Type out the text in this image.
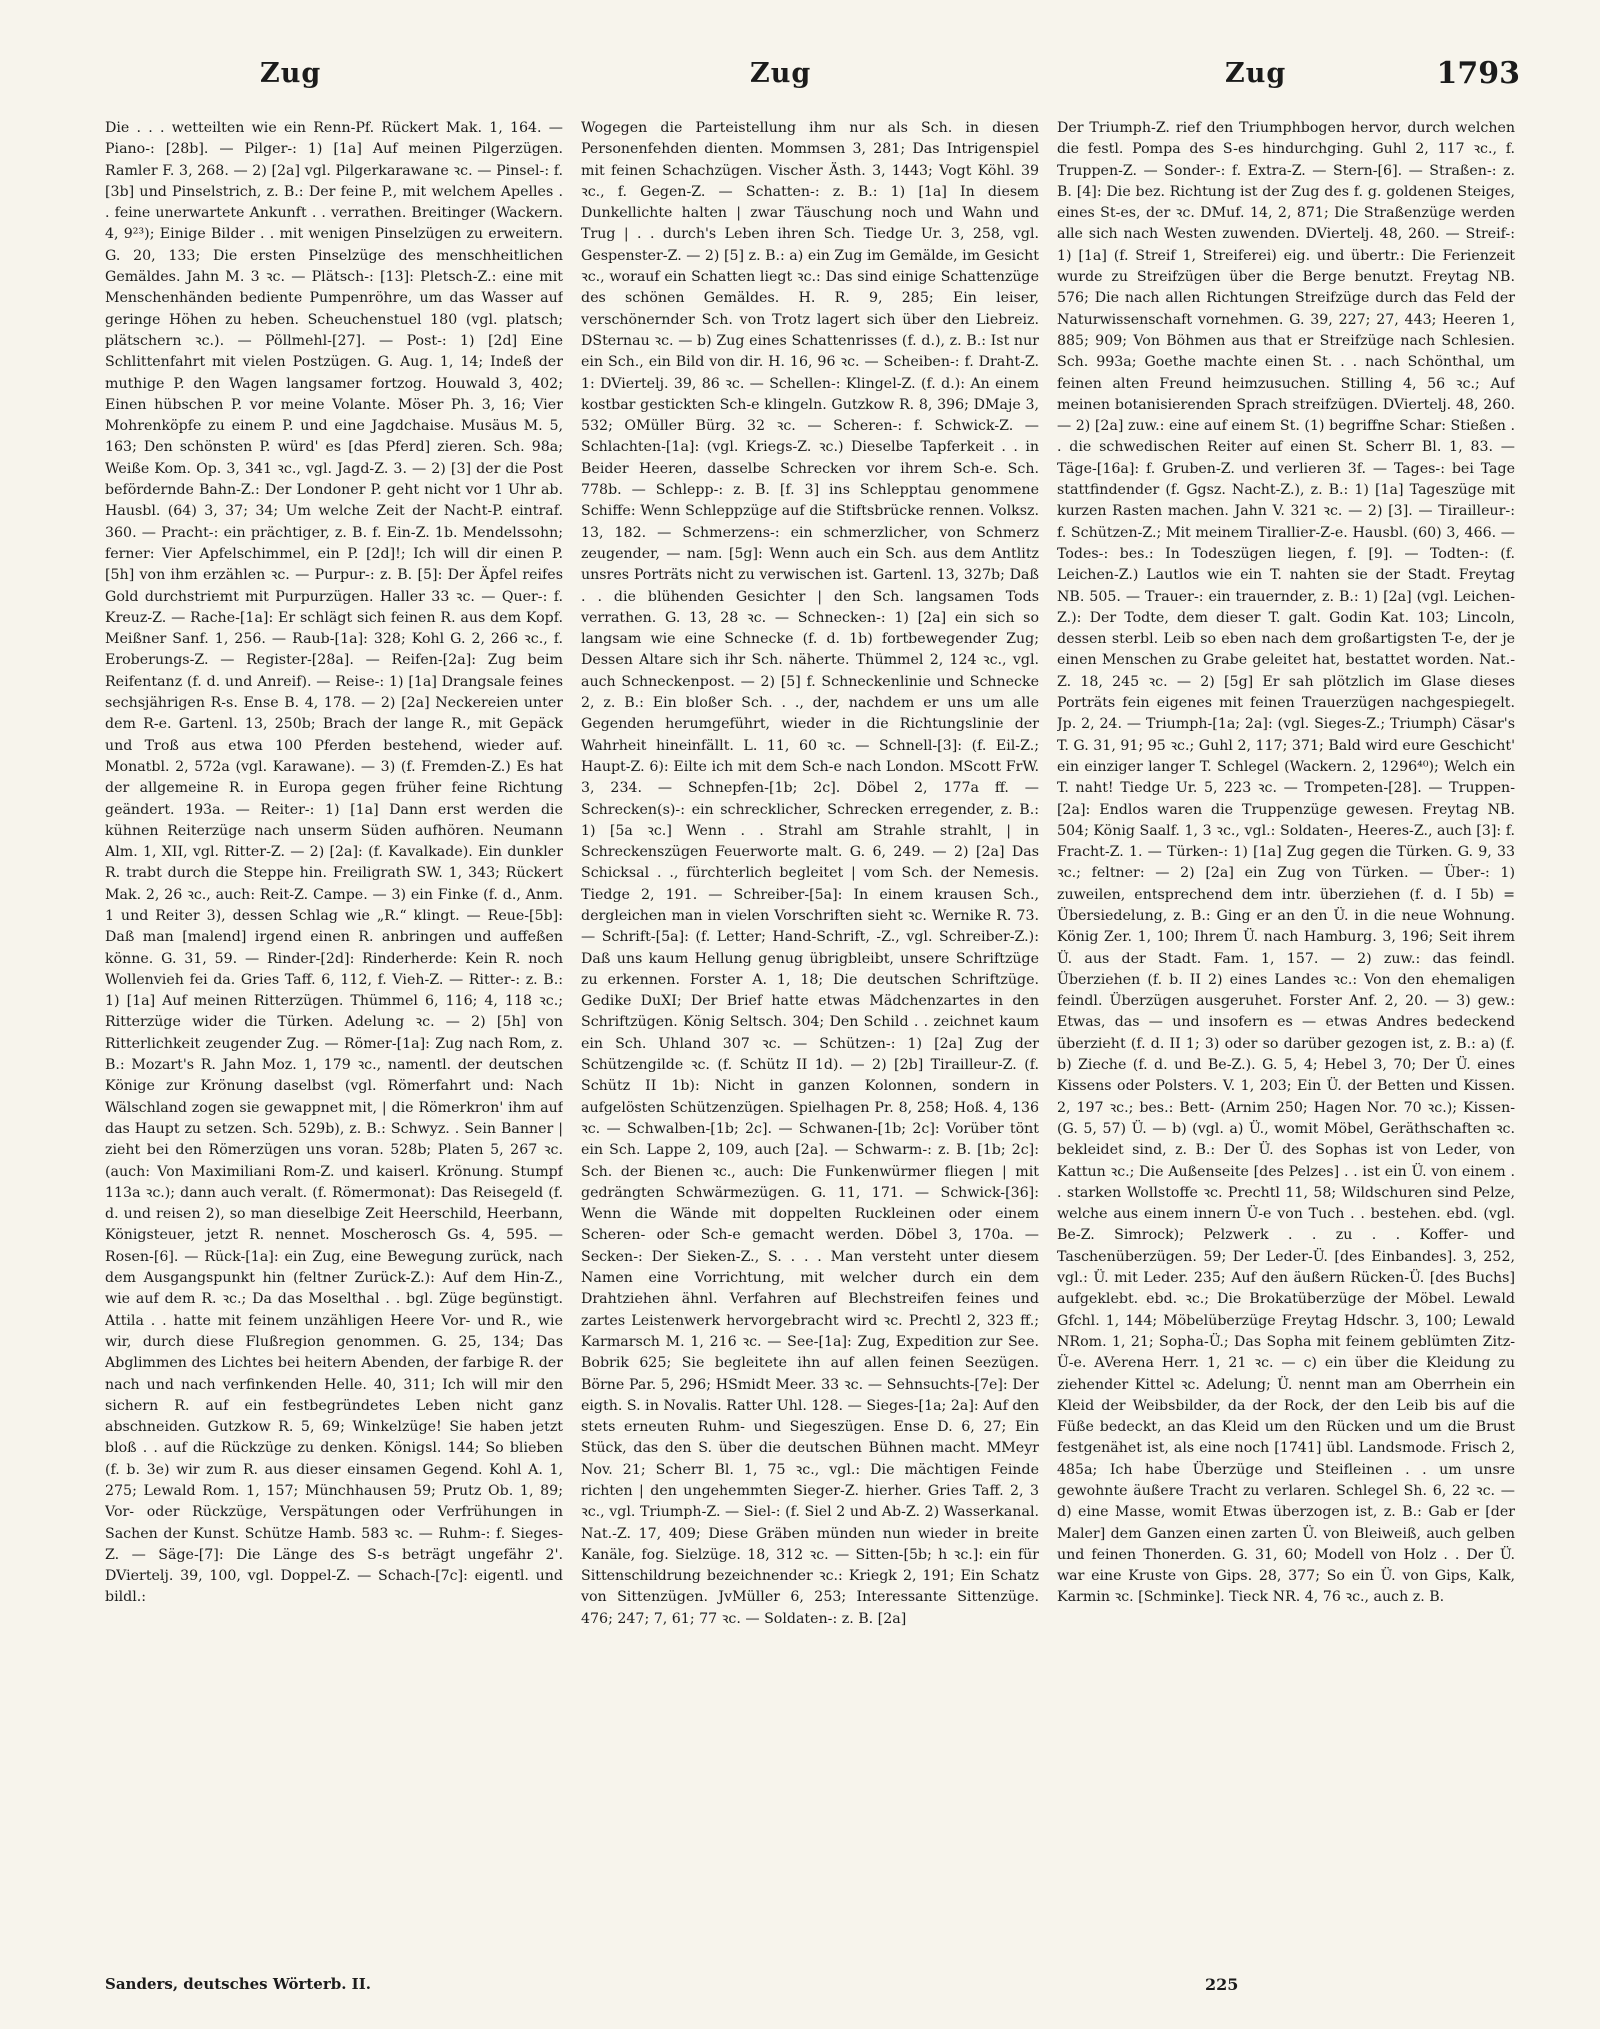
Zug	Zug	Zug	1793

Die . . . wetteilten wie ein Renn-Pf. Rückert Mak. 1, 164. — Piano-: [28b]. — Pilger-: 1) [1a] Auf meinen Pilgerzügen. Ramler F. 3, 268. — 2) [2a] vgl. Pilgerkarawane ꝛc. — Pinsel-: f. [3b] und Pinselstrich, z. B.: Der feine P., mit welchem Apelles . . feine unerwartete Ankunft . . verrathen. Breitinger (Wackern. 4, 9²³); Einige Bilder . . mit wenigen Pinselzügen zu erweitern. G. 20, 133; Die ersten Pinselzüge des menschheitlichen Gemäldes. Jahn M. 3 ꝛc. — Plätsch-: [13]: Pletsch-Z.: eine mit Menschenhänden bediente Pumpenröhre, um das Wasser auf geringe Höhen zu heben. Scheuchenstuel 180 (vgl. platsch; plätschern ꝛc.). — Pöllmehl-[27]. — Post-: 1) [2d] Eine Schlittenfahrt mit vielen Postzügen. G. Aug. 1, 14; Indeß der muthige P. den Wagen langsamer fortzog. Houwald 3, 402; Einen hübschen P. vor meine Volante. Möser Ph. 3, 16; Vier Mohrenköpfe zu einem P. und eine Jagdchaise. Musäus M. 5, 163; Den schönsten P. würd' es [das Pferd] zieren. Sch. 98a; Weiße Kom. Op. 3, 341 ꝛc., vgl. Jagd-Z. 3. — 2) [3] der die Post befördernde Bahn-Z.: Der Londoner P. geht nicht vor 1 Uhr ab. Hausbl. (64) 3, 37; 34; Um welche Zeit der Nacht-P. eintraf. 360. — Pracht-: ein prächtiger, z. B. f. Ein-Z. 1b. Mendelssohn; ferner: Vier Apfelschimmel, ein P. [2d]!; Ich will dir einen P. [5h] von ihm erzählen ꝛc. — Purpur-: z. B. [5]: Der Äpfel reifes Gold durchstriemt mit Purpurzügen. Haller 33 ꝛc. — Quer-: f. Kreuz-Z. — Rache-[1a]: Er schlägt sich feinen R. aus dem Kopf. Meißner Sanf. 1, 256. — Raub-[1a]: 328; Kohl G. 2, 266 ꝛc., f. Eroberungs-Z. — Register-[28a]. — Reifen-[2a]: Zug beim Reifentanz (f. d. und Anreif). — Reise-: 1) [1a] Drangsale feines sechsjährigen R-s. Ense B. 4, 178. — 2) [2a] Neckereien unter dem R-e. Gartenl. 13, 250b; Brach der lange R., mit Gepäck und Troß aus etwa 100 Pferden bestehend, wieder auf. Monatbl. 2, 572a (vgl. Karawane). — 3) (f. Fremden-Z.) Es hat der allgemeine R. in Europa gegen früher feine Richtung geändert. 193a. — Reiter-: 1) [1a] Dann erst werden die kühnen Reiterzüge nach unserm Süden aufhören. Neumann Alm. 1, XII, vgl. Ritter-Z. — 2) [2a]: (f. Kavalkade). Ein dunkler R. trabt durch die Steppe hin. Freiligrath SW. 1, 343; Rückert Mak. 2, 26 ꝛc., auch: Reit-Z. Campe. — 3) ein Finke (f. d., Anm. 1 und Reiter 3), dessen Schlag wie „R.“ klingt. — Reue-[5b]: Daß man [malend] irgend einen R. anbringen und auffeßen könne. G. 31, 59. — Rinder-[2d]: Rinderherde: Kein R. noch Wollenvieh fei da. Gries Taff. 6, 112, f. Vieh-Z. — Ritter-: z. B.: 1) [1a] Auf meinen Ritterzügen. Thümmel 6, 116; 4, 118 ꝛc.; Ritterzüge wider die Türken. Adelung ꝛc. — 2) [5h] von Ritterlichkeit zeugender Zug. — Römer-[1a]: Zug nach Rom, z. B.: Mozart's R. Jahn Moz. 1, 179 ꝛc., namentl. der deutschen Könige zur Krönung daselbst (vgl. Römerfahrt und: Nach Wälschland zogen sie gewappnet mit, | die Römerkron' ihm auf das Haupt zu setzen. Sch. 529b), z. B.: Schwyz. . Sein Banner | zieht bei den Römerzügen uns voran. 528b; Platen 5, 267 ꝛc. (auch: Von Maximiliani Rom-Z. und kaiserl. Krönung. Stumpf 113a ꝛc.); dann auch veralt. (f. Römermonat): Das Reisegeld (f. d. und reisen 2), so man dieselbige Zeit Heerschild, Heerbann, Königsteuer, jetzt R. nennet. Moscherosch Gs. 4, 595. — Rosen-[6]. — Rück-[1a]: ein Zug, eine Bewegung zurück, nach dem Ausgangspunkt hin (feltner Zurück-Z.): Auf dem Hin-Z., wie auf dem R. ꝛc.; Da das Moselthal . . bgl. Züge begünstigt. Attila . . hatte mit feinem unzähligen Heere Vor- und R., wie wir, durch diese Flußregion genommen. G. 25, 134; Das Abglimmen des Lichtes bei heitern Abenden, der farbige R. der nach und nach verfinkenden Helle. 40, 311; Ich will mir den sichern R. auf ein festbegründetes Leben nicht ganz abschneiden. Gutzkow R. 5, 69; Winkelzüge! Sie haben jetzt bloß . . auf die Rückzüge zu denken. Königsl. 144; So blieben (f. b. 3e) wir zum R. aus dieser einsamen Gegend. Kohl A. 1, 275; Lewald Rom. 1, 157; Münchhausen 59; Prutz Ob. 1, 89; Vor- oder Rückzüge, Verspätungen oder Verfrühungen in Sachen der Kunst. Schütze Hamb. 583 ꝛc. — Ruhm-: f. Sieges-Z. — Säge-[7]: Die Länge des S-s beträgt ungefähr 2'. DViertelj. 39, 100, vgl. Doppel-Z. — Schach-[7c]: eigentl. und bildl.:

Wogegen die Parteistellung ihm nur als Sch. in diesen Personenfehden dienten. Mommsen 3, 281; Das Intrigenspiel mit feinen Schachzügen. Vischer Ästh. 3, 1443; Vogt Köhl. 39 ꝛc., f. Gegen-Z. — Schatten-: z. B.: 1) [1a] In diesem Dunkellichte halten | zwar Täuschung noch und Wahn und Trug | . . durch's Leben ihren Sch. Tiedge Ur. 3, 258, vgl. Gespenster-Z. — 2) [5] z. B.: a) ein Zug im Gemälde, im Gesicht ꝛc., worauf ein Schatten liegt ꝛc.: Das sind einige Schattenzüge des schönen Gemäldes. H. R. 9, 285; Ein leiser, verschönernder Sch. von Trotz lagert sich über den Liebreiz. DSternau ꝛc. — b) Zug eines Schattenrisses (f. d.), z. B.: Ist nur ein Sch., ein Bild von dir. H. 16, 96 ꝛc. — Scheiben-: f. Draht-Z. 1: DViertelj. 39, 86 ꝛc. — Schellen-: Klingel-Z. (f. d.): An einem kostbar gestickten Sch-e klingeln. Gutzkow R. 8, 396; DMaje 3, 532; OMüller Bürg. 32 ꝛc. — Scheren-: f. Schwick-Z. — Schlachten-[1a]: (vgl. Kriegs-Z. ꝛc.) Dieselbe Tapferkeit . . in Beider Heeren, dasselbe Schrecken vor ihrem Sch-e. Sch. 778b. — Schlepp-: z. B. [f. 3] ins Schlepptau genommene Schiffe: Wenn Schleppzüge auf die Stiftsbrücke rennen. Volksz. 13, 182. — Schmerzens-: ein schmerzlicher, von Schmerz zeugender, — nam. [5g]: Wenn auch ein Sch. aus dem Antlitz unsres Porträts nicht zu verwischen ist. Gartenl. 13, 327b; Daß . . die blühenden Gesichter | den Sch. langsamen Tods verrathen. G. 13, 28 ꝛc. — Schnecken-: 1) [2a] ein sich so langsam wie eine Schnecke (f. d. 1b) fortbewegender Zug; Dessen Altare sich ihr Sch. näherte. Thümmel 2, 124 ꝛc., vgl. auch Schneckenpost. — 2) [5] f. Schneckenlinie und Schnecke 2, z. B.: Ein bloßer Sch. . ., der, nachdem er uns um alle Gegenden herumgeführt, wieder in die Richtungslinie der Wahrheit hineinfällt. L. 11, 60 ꝛc. — Schnell-[3]: (f. Eil-Z.; Haupt-Z. 6): Eilte ich mit dem Sch-e nach London. MScott FrW. 3, 234. — Schnepfen-[1b; 2c]. Döbel 2, 177a ff. — Schrecken(s)-: ein schrecklicher, Schrecken erregender, z. B.: 1) [5a ꝛc.] Wenn . . Strahl am Strahle strahlt, | in Schreckenszügen Feuerworte malt. G. 6, 249. — 2) [2a] Das Schicksal . ., fürchterlich begleitet | vom Sch. der Nemesis. Tiedge 2, 191. — Schreiber-[5a]: In einem krausen Sch., dergleichen man in vielen Vorschriften sieht ꝛc. Wernike R. 73. — Schrift-[5a]: (f. Letter; Hand-Schrift, -Z., vgl. Schreiber-Z.): Daß uns kaum Hellung genug übrigbleibt, unsere Schriftzüge zu erkennen. Forster A. 1, 18; Die deutschen Schriftzüge. Gedike DuXI; Der Brief hatte etwas Mädchenzartes in den Schriftzügen. König Seltsch. 304; Den Schild . . zeichnet kaum ein Sch. Uhland 307 ꝛc. — Schützen-: 1) [2a] Zug der Schützengilde ꝛc. (f. Schütz II 1d). — 2) [2b] Tirailleur-Z. (f. Schütz II 1b): Nicht in ganzen Kolonnen, sondern in aufgelösten Schützenzügen. Spielhagen Pr. 8, 258; Hoß. 4, 136 ꝛc. — Schwalben-[1b; 2c]. — Schwanen-[1b; 2c]: Vorüber tönt ein Sch. Lappe 2, 109, auch [2a]. — Schwarm-: z. B. [1b; 2c]: Sch. der Bienen ꝛc., auch: Die Funkenwürmer fliegen | mit gedrängten Schwärmezügen. G. 11, 171. — Schwick-[36]: Wenn die Wände mit doppelten Ruckleinen oder einem Scheren- oder Sch-e gemacht werden. Döbel 3, 170a. — Secken-: Der Sieken-Z., S. . . . Man versteht unter diesem Namen eine Vorrichtung, mit welcher durch ein dem Drahtziehen ähnl. Verfahren auf Blechstreifen feines und zartes Leistenwerk hervorgebracht wird ꝛc. Prechtl 2, 323 ff.; Karmarsch M. 1, 216 ꝛc. — See-[1a]: Zug, Expedition zur See. Bobrik 625; Sie begleitete ihn auf allen feinen Seezügen. Börne Par. 5, 296; HSmidt Meer. 33 ꝛc. — Sehnsuchts-[7e]: Der eigth. S. in Novalis. Ratter Uhl. 128. — Sieges-[1a; 2a]: Auf den stets erneuten Ruhm- und Siegeszügen. Ense D. 6, 27; Ein Stück, das den S. über die deutschen Bühnen macht. MMeyr Nov. 21; Scherr Bl. 1, 75 ꝛc., vgl.: Die mächtigen Feinde richten | den ungehemmten Sieger-Z. hierher. Gries Taff. 2, 3 ꝛc., vgl. Triumph-Z. — Siel-: (f. Siel 2 und Ab-Z. 2) Wasserkanal. Nat.-Z. 17, 409; Diese Gräben münden nun wieder in breite Kanäle, fog. Sielzüge. 18, 312 ꝛc. — Sitten-[5b; h ꝛc.]: ein für Sittenschildrung bezeichnender ꝛc.: Kriegk 2, 191; Ein Schatz von Sittenzügen. JvMüller 6, 253; Interessante Sittenzüge. 476; 247; 7, 61; 77 ꝛc. — Soldaten-: z. B. [2a]

Der Triumph-Z. rief den Triumphbogen hervor, durch welchen die festl. Pompa des S-es hindurchging. Guhl 2, 117 ꝛc., f. Truppen-Z. — Sonder-: f. Extra-Z. — Stern-[6]. — Straßen-: z. B. [4]: Die bez. Richtung ist der Zug des f. g. goldenen Steiges, eines St-es, der ꝛc. DMuf. 14, 2, 871; Die Straßenzüge werden alle sich nach Westen zuwenden. DViertelj. 48, 260. — Streif-: 1) [1a] (f. Streif 1, Streiferei) eig. und übertr.: Die Ferienzeit wurde zu Streifzügen über die Berge benutzt. Freytag NB. 576; Die nach allen Richtungen Streifzüge durch das Feld der Naturwissenschaft vornehmen. G. 39, 227; 27, 443; Heeren 1, 885; 909; Von Böhmen aus that er Streifzüge nach Schlesien. Sch. 993a; Goethe machte einen St. . . nach Schönthal, um feinen alten Freund heimzusuchen. Stilling 4, 56 ꝛc.; Auf meinen botanisierenden Sprach streifzügen. DViertelj. 48, 260. — 2) [2a] zuw.: eine auf einem St. (1) begriffne Schar: Stießen . . die schwedischen Reiter auf einen St. Scherr Bl. 1, 83. — Täge-[16a]: f. Gruben-Z. und verlieren 3f. — Tages-: bei Tage stattfindender (f. Ggsz. Nacht-Z.), z. B.: 1) [1a] Tageszüge mit kurzen Rasten machen. Jahn V. 321 ꝛc. — 2) [3]. — Tirailleur-: f. Schützen-Z.; Mit meinem Tirallier-Z-e. Hausbl. (60) 3, 466. — Todes-: bes.: In Todeszügen liegen, f. [9]. — Todten-: (f. Leichen-Z.) Lautlos wie ein T. nahten sie der Stadt. Freytag NB. 505. — Trauer-: ein trauernder, z. B.: 1) [2a] (vgl. Leichen-Z.): Der Todte, dem dieser T. galt. Godin Kat. 103; Lincoln, dessen sterbl. Leib so eben nach dem großartigsten T-e, der je einen Menschen zu Grabe geleitet hat, bestattet worden. Nat.-Z. 18, 245 ꝛc. — 2) [5g] Er sah plötzlich im Glase dieses Porträts fein eigenes mit feinen Trauerzügen nachgespiegelt. Jp. 2, 24. — Triumph-[1a; 2a]: (vgl. Sieges-Z.; Triumph) Cäsar's T. G. 31, 91; 95 ꝛc.; Guhl 2, 117; 371; Bald wird eure Geschicht' ein einziger langer T. Schlegel (Wackern. 2, 1296⁴⁰); Welch ein T. naht! Tiedge Ur. 5, 223 ꝛc. — Trompeten-[28]. — Truppen-[2a]: Endlos waren die Truppenzüge gewesen. Freytag NB. 504; König Saalf. 1, 3 ꝛc., vgl.: Soldaten-, Heeres-Z., auch [3]: f. Fracht-Z. 1. — Türken-: 1) [1a] Zug gegen die Türken. G. 9, 33 ꝛc.; feltner: — 2) [2a] ein Zug von Türken. — Über-: 1) zuweilen, entsprechend dem intr. überziehen (f. d. I 5b) = Übersiedelung, z. B.: Ging er an den Ü. in die neue Wohnung. König Zer. 1, 100; Ihrem Ü. nach Hamburg. 3, 196; Seit ihrem Ü. aus der Stadt. Fam. 1, 157. — 2) zuw.: das feindl. Überziehen (f. b. II 2) eines Landes ꝛc.: Von den ehemaligen feindl. Überzügen ausgeruhet. Forster Anf. 2, 20. — 3) gew.: Etwas, das — und insofern es — etwas Andres bedeckend überzieht (f. d. II 1; 3) oder so darüber gezogen ist, z. B.: a) (f. b) Zieche (f. d. und Be-Z.). G. 5, 4; Hebel 3, 70; Der Ü. eines Kissens oder Polsters. V. 1, 203; Ein Ü. der Betten und Kissen. 2, 197 ꝛc.; bes.: Bett- (Arnim 250; Hagen Nor. 70 ꝛc.); Kissen- (G. 5, 57) Ü. — b) (vgl. a) Ü., womit Möbel, Geräthschaften ꝛc. bekleidet sind, z. B.: Der Ü. des Sophas ist von Leder, von Kattun ꝛc.; Die Außenseite [des Pelzes] . . ist ein Ü. von einem . . starken Wollstoffe ꝛc. Prechtl 11, 58; Wildschuren sind Pelze, welche aus einem innern Ü-e von Tuch . . bestehen. ebd. (vgl. Be-Z. Simrock); Pelzwerk . . zu . . Koffer- und Taschenüberzügen. 59; Der Leder-Ü. [des Einbandes]. 3, 252, vgl.: Ü. mit Leder. 235; Auf den äußern Rücken-Ü. [des Buchs] aufgeklebt. ebd. ꝛc.; Die Brokatüberzüge der Möbel. Lewald Gfchl. 1, 144; Möbelüberzüge Freytag Hdschr. 3, 100; Lewald NRom. 1, 21; Sopha-Ü.; Das Sopha mit feinem geblümten Zitz-Ü-e. AVerena Herr. 1, 21 ꝛc. — c) ein über die Kleidung zu ziehender Kittel ꝛc. Adelung; Ü. nennt man am Oberrhein ein Kleid der Weibsbilder, da der Rock, der den Leib bis auf die Füße bedeckt, an das Kleid um den Rücken und um die Brust festgenähet ist, als eine noch [1741] übl. Landsmode. Frisch 2, 485a; Ich habe Überzüge und Steifleinen . . um unsre gewohnte äußere Tracht zu verlaren. Schlegel Sh. 6, 22 ꝛc. — d) eine Masse, womit Etwas überzogen ist, z. B.: Gab er [der Maler] dem Ganzen einen zarten Ü. von Bleiweiß, auch gelben und feinen Thonerden. G. 31, 60; Modell von Holz . . Der Ü. war eine Kruste von Gips. 28, 377; So ein Ü. von Gips, Kalk, Karmin ꝛc. [Schminke]. Tieck NR. 4, 76 ꝛc., auch z. B.

Sanders, deutsches Wörterb. II.	225
